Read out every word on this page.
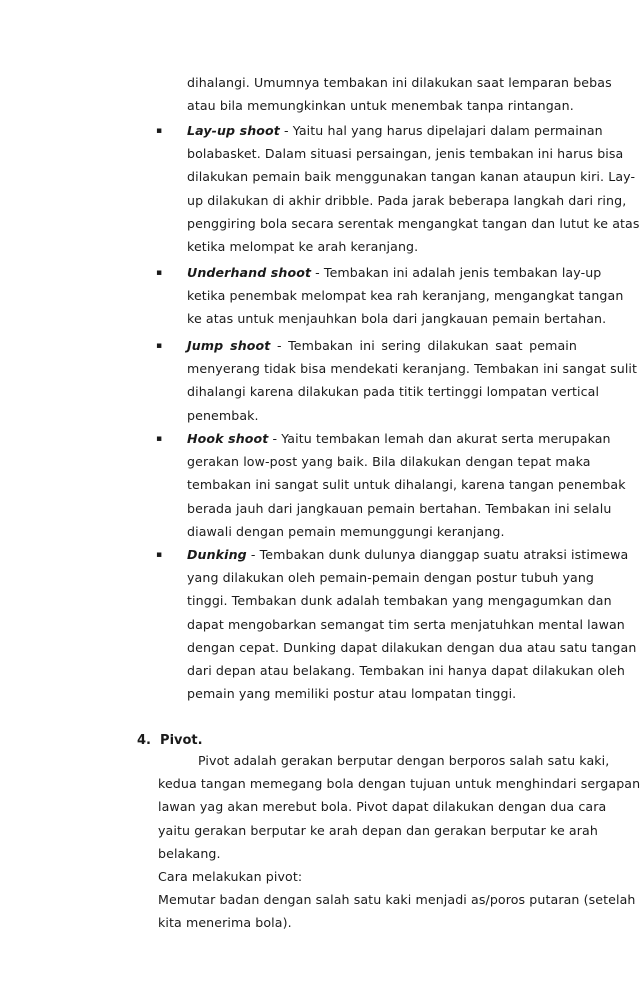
dihalangi. Umumnya tembakan ini dilakukan saat lemparan bebas
atau bila memungkinkan untuk menembak tanpa rintangan.
▪ Lay-up shoot - Yaitu hal yang harus dipelajari dalam permainan
bolabasket. Dalam situasi persaingan, jenis tembakan ini harus bisa
dilakukan pemain baik menggunakan tangan kanan ataupun kiri. Lay-
up dilakukan di akhir dribble. Pada jarak beberapa langkah dari ring,
penggiring bola secara serentak mengangkat tangan dan lutut ke atas
ketika melompat ke arah keranjang.
▪ Underhand shoot - Tembakan ini adalah jenis tembakan lay-up
ketika penembak melompat kea rah keranjang, mengangkat tangan
ke atas untuk menjauhkan bola dari jangkauan pemain bertahan.
▪ Jump shoot - Tembakan ini sering dilakukan saat pemain
menyerang tidak bisa mendekati keranjang. Tembakan ini sangat sulit
dihalangi karena dilakukan pada titik tertinggi lompatan vertical
penembak.
▪ Hook shoot - Yaitu tembakan lemah dan akurat serta merupakan
gerakan low-post yang baik. Bila dilakukan dengan tepat maka
tembakan ini sangat sulit untuk dihalangi, karena tangan penembak
berada jauh dari jangkauan pemain bertahan. Tembakan ini selalu
diawali dengan pemain memunggungi keranjang.
▪ Dunking - Tembakan dunk dulunya dianggap suatu atraksi istimewa
yang dilakukan oleh pemain-pemain dengan postur tubuh yang
tinggi. Tembakan dunk adalah tembakan yang mengagumkan dan
dapat mengobarkan semangat tim serta menjatuhkan mental lawan
dengan cepat. Dunking dapat dilakukan dengan dua atau satu tangan
dari depan atau belakang. Tembakan ini hanya dapat dilakukan oleh
pemain yang memiliki postur atau lompatan tinggi.
4.  Pivot.
Pivot adalah gerakan berputar dengan berporos salah satu kaki,
kedua tangan memegang bola dengan tujuan untuk menghindari sergapan
lawan yag akan merebut bola. Pivot dapat dilakukan dengan dua cara
yaitu gerakan berputar ke arah depan dan gerakan berputar ke arah
belakang.
Cara melakukan pivot:
Memutar badan dengan salah satu kaki menjadi as/poros putaran (setelah
kita menerima bola).
